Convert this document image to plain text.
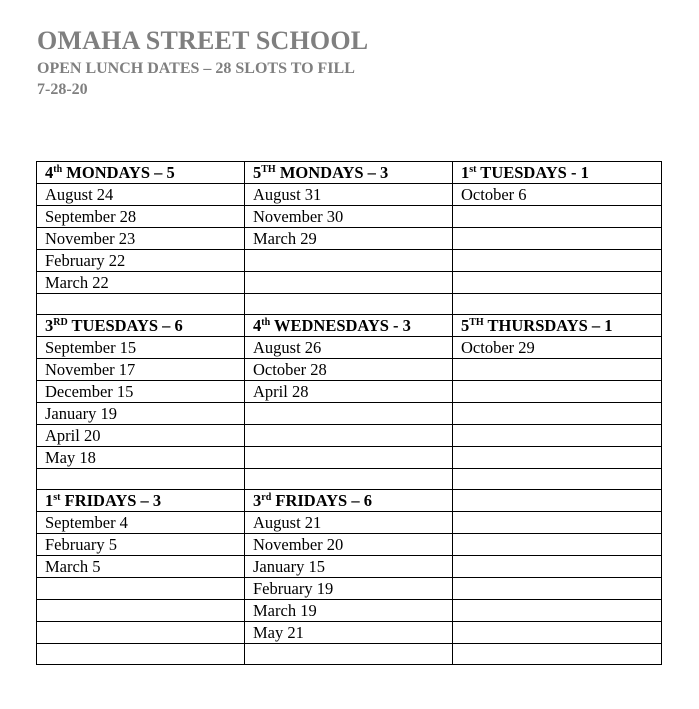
OMAHA STREET SCHOOL
OPEN LUNCH DATES – 28 SLOTS TO FILL
7-28-20
4th MONDAYS – 5	5TH MONDAYS – 3	1st TUESDAYS - 1
August 24	August 31	October 6
September 28	November 30	
November 23	March 29	
February 22		
March 22		

3RD TUESDAYS – 6	4th WEDNESDAYS - 3	5TH THURSDAYS – 1
September 15	August 26	October 29
November 17	October 28	
December 15	April 28	
January 19		
April 20		
May 18		

1st FRIDAYS – 3	3rd FRIDAYS – 6	
September 4	August 21	
February 5	November 20	
March 5	January 15	
	February 19	
	March 19	
	May 21	
